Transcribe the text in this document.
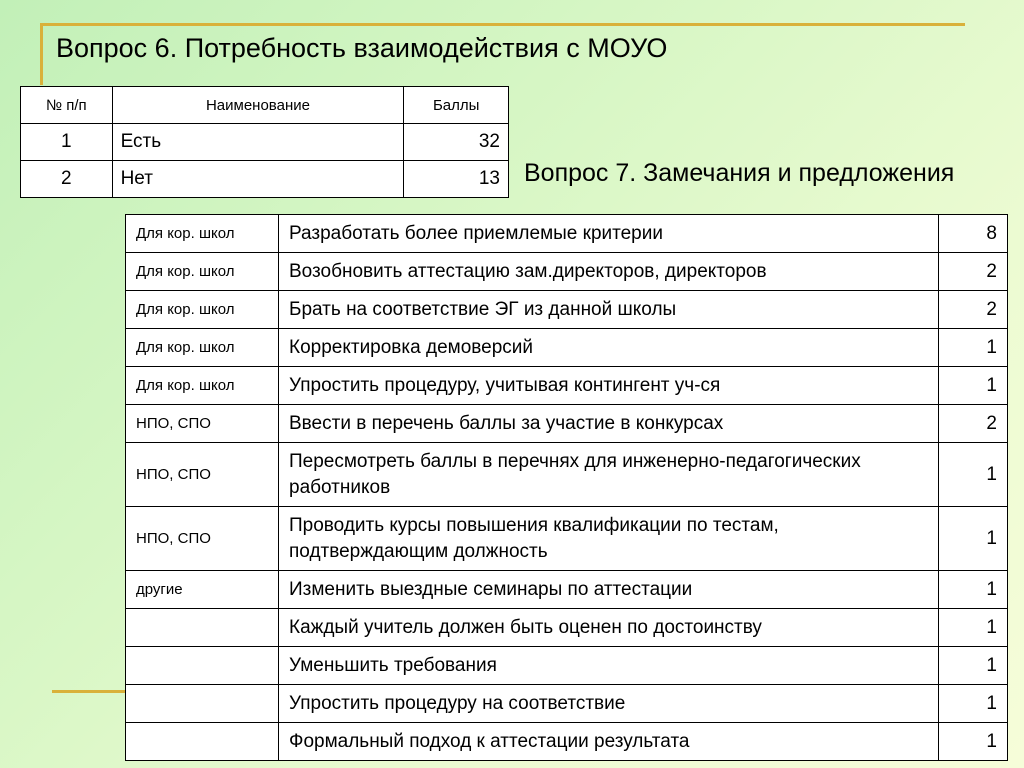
Вопрос 6. Потребность взаимодействия с МОУО
№ п/п	Наименование	Баллы
1	Есть	32
2	Нет	13 Вопрос 7. Замечания и предложения
Для кор. школ	Разработать более приемлемые критерии	8
Для кор. школ	Возобновить аттестацию зам.директоров, директоров	2
Для кор. школ	Брать на соответствие ЭГ из данной школы	2
Для кор. школ	Корректировка демоверсий	1
Для кор. школ	Упростить процедуру, учитывая контингент уч-ся	1
НПО, СПО	Ввести в перечень баллы за участие в конкурсах	2
НПО, СПО	Пересмотреть баллы в перечнях для инженерно-педагогических работников	1
НПО, СПО	Проводить курсы повышения квалификации по тестам, подтверждающим должность	1
другие	Изменить выездные семинары по аттестации	1
	Каждый учитель должен быть оценен по достоинству	1
	Уменьшить требования	1
	Упростить процедуру на соответствие	1
	Формальный подход к аттестации результата	1
